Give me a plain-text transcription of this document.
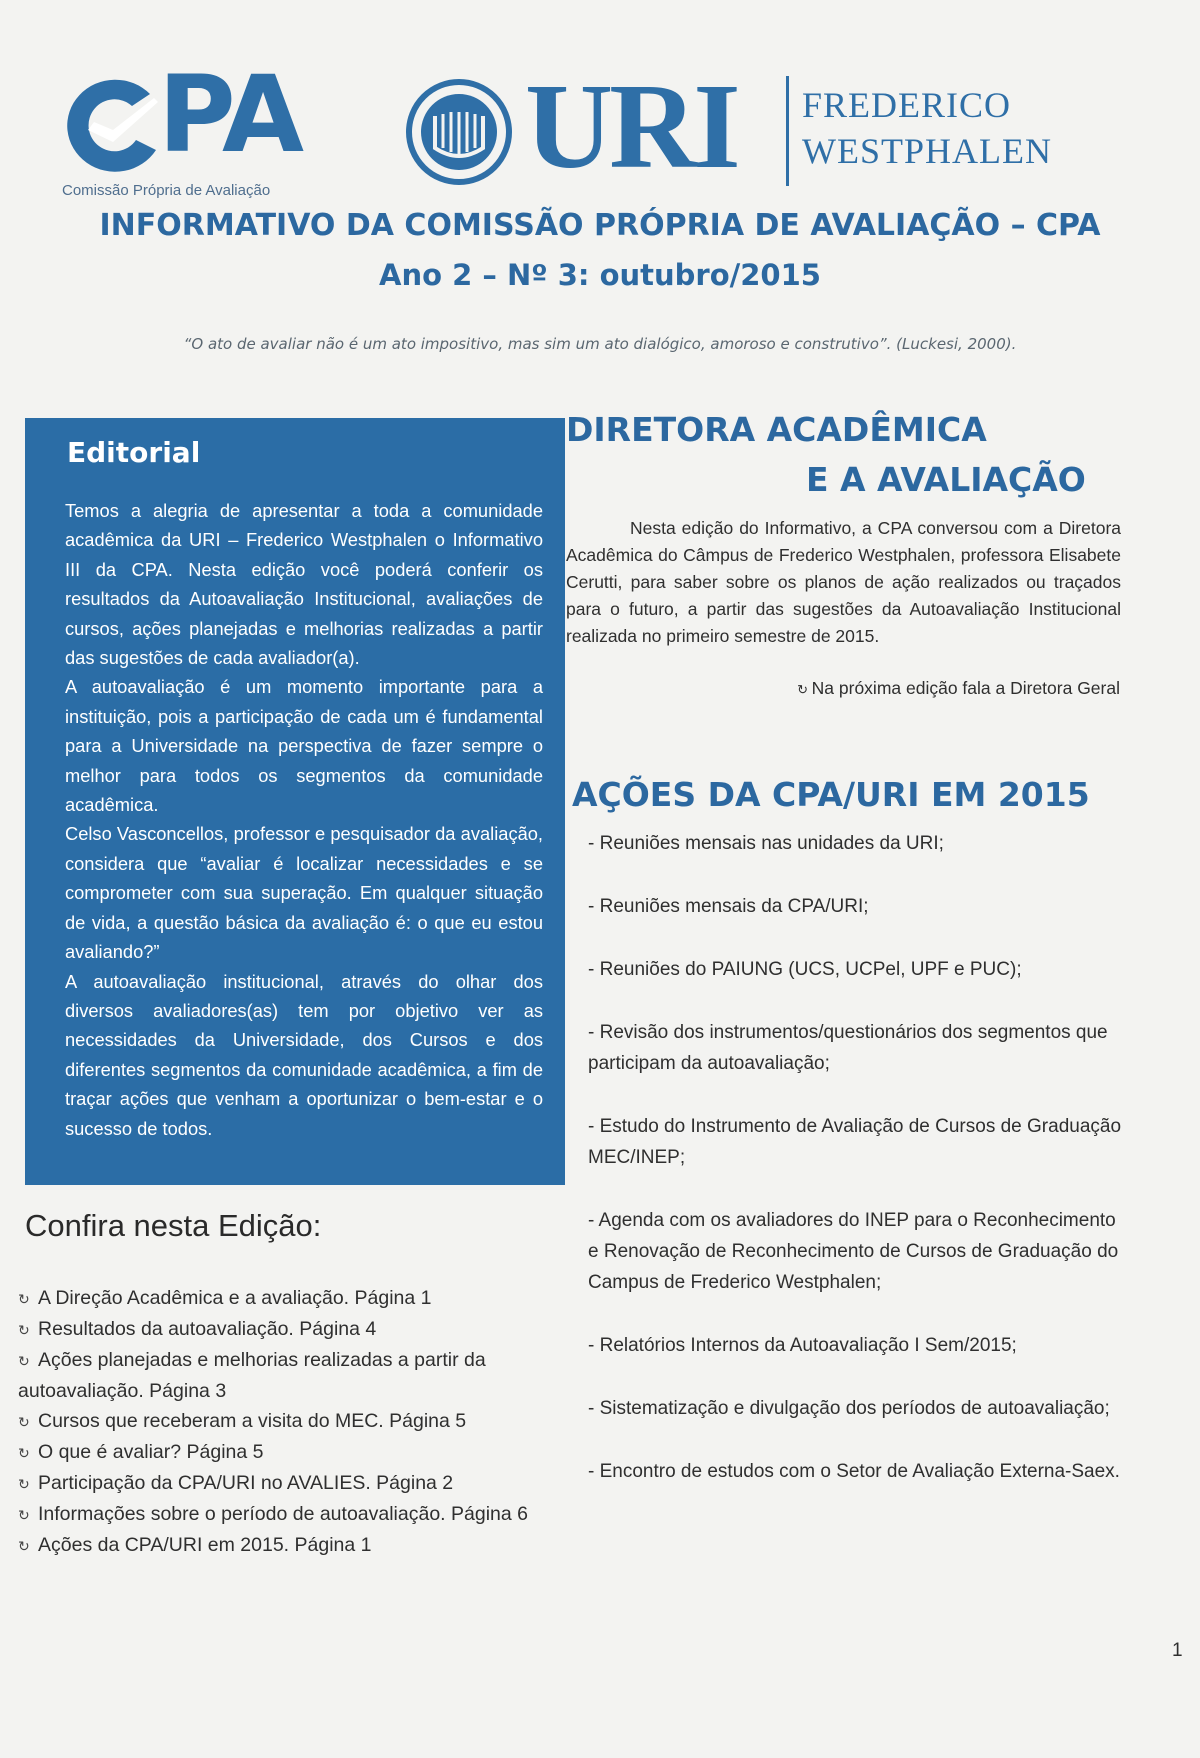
PA
Comissão Própria de Avaliação URI FREDERICO
WESTPHALEN
INFORMATIVO DA COMISSÃO PRÓPRIA DE AVALIAÇÃO – CPA
Ano 2 – Nº 3: outubro/2015
“O ato de avaliar não é um ato impositivo, mas sim um ato dialógico, amoroso e construtivo”. (Luckesi, 2000).
Editorial

Temos a alegria de apresentar a toda a comunidade acadêmica da URI – Frederico Westphalen o Informativo III da CPA. Nesta edição você poderá conferir os resultados da Autoavaliação Institucional, avaliações de cursos, ações planejadas e melhorias realizadas a partir das sugestões de cada avaliador(a).

A autoavaliação é um momento importante para a instituição, pois a participação de cada um é fundamental para a Universidade na perspectiva de fazer sempre o melhor para todos os segmentos da comunidade acadêmica.

Celso Vasconcellos, professor e pesquisador da avaliação, considera que “avaliar é localizar necessidades e se comprometer com sua superação. Em qualquer situação de vida, a questão básica da avaliação é: o que eu estou avaliando?”

A autoavaliação institucional, através do olhar dos diversos avaliadores(as) tem por objetivo ver as necessidades da Universidade, dos Cursos e dos diferentes segmentos da comunidade acadêmica, a fim de traçar ações que venham a oportunizar o bem-estar e o sucesso de todos.

Confira nesta Edição:
↻ A Direção Acadêmica e a avaliação. Página 1
↻ Resultados da autoavaliação. Página 4
↻ Ações planejadas e melhorias realizadas a partir da autoavaliação. Página 3
↻ Cursos que receberam a visita do MEC. Página 5
↻ O que é avaliar? Página 5
↻ Participação da CPA/URI no AVALIES. Página 2
↻ Informações sobre o período de autoavaliação. Página 6
↻ Ações da CPA/URI em 2015. Página 1
DIRETORA ACADÊMICA
E A AVALIAÇÃO

Nesta edição do Informativo, a CPA conversou com a Diretora Acadêmica do Câmpus de Frederico Westphalen, professora Elisabete Cerutti, para saber sobre os planos de ação realizados ou traçados para o futuro, a partir das sugestões da Autoavaliação Institucional realizada no primeiro semestre de 2015.

↻ Na próxima edição fala a Diretora Geral
AÇÕES DA CPA/URI EM 2015
- Reuniões mensais nas unidades da URI;
- Reuniões mensais da CPA/URI;
- Reuniões do PAIUNG (UCS, UCPel, UPF e PUC);
- Revisão dos instrumentos/questionários dos segmentos que participam da autoavaliação;
- Estudo do Instrumento de Avaliação de Cursos de Graduação MEC/INEP;
- Agenda com os avaliadores do INEP para o Reconhecimento e Renovação de Reconhecimento de Cursos de Graduação do Campus de Frederico Westphalen;
- Relatórios Internos da Autoavaliação I Sem/2015;
- Sistematização e divulgação dos períodos de autoavaliação;
- Encontro de estudos com o Setor de Avaliação Externa-Saex.
1
